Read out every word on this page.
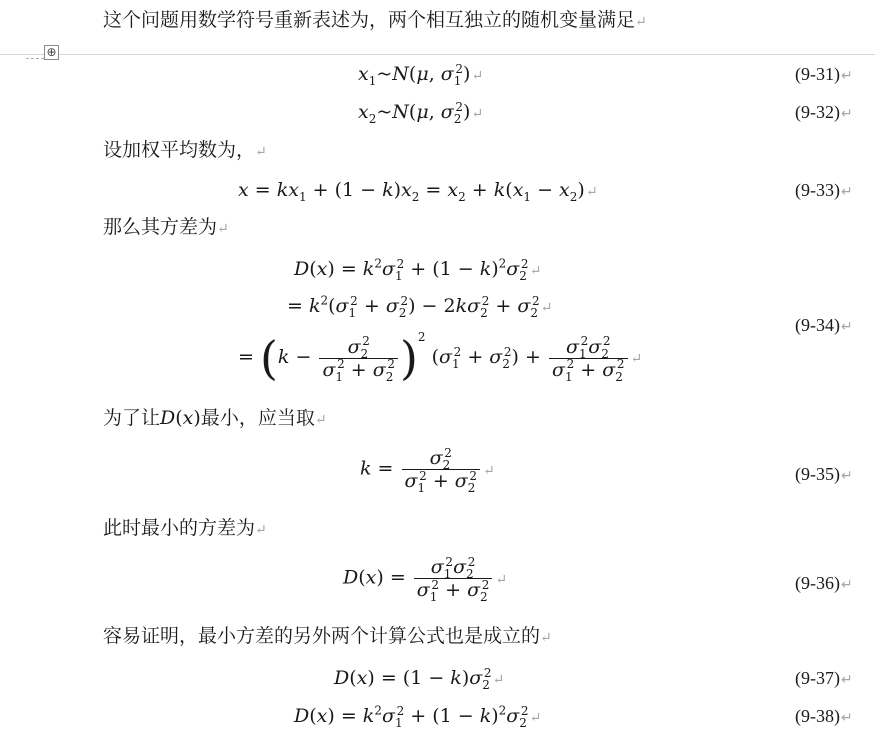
这个问题用数学符号重新表述为，两个相互独立的随机变量满足↵
⊕
$x_1\sim N(\mu$, $\sigma_1^2)↵$	(9-31)↵
$x_2\sim N(\mu$, $\sigma_2^2)↵$	(9-32)↵
设加权平均数为，↵
$x = kx_1 + (1 - k)x_2 = x_2 + k(x_1$ − $x_2)↵$	(9-33)↵
那么其方差为↵
$D(x) = k^2\sigma_1^2 + (1$ − $k)^2\sigma_2^2↵$
= $k^2(\sigma_1^2 + \sigma_2^2) - 2k\sigma_2^2$ + $\sigma_2^2↵$
= $(k - \frac{\sigma_2^2}{\sigma_1^2 + \sigma_2^2} )^2$ $(\sigma_1^2 + \sigma_2^2) + \frac{\sigma_1^2\sigma_2^2}{\sigma_1^2 + \sigma_2^2}$ ↵
(9-34)↵
为了让D(x)最小，应当取↵
$k = \frac{\sigma_2^2}{\sigma_1^2 + \sigma_2^2}$ ↵	(9-35)↵
此时最小的方差为↵
$D(x) = \frac{\sigma_1^2\sigma_2^2}{\sigma_1^2 + \sigma_2^2}$ ↵	(9-36)↵
容易证明，最小方差的另外两个计算公式也是成立的↵
$D(x) = (1 - k)\sigma_2^2↵$	(9-37)↵
$D(x) = k^2\sigma_1^2 + (1$ − $k)^2\sigma_2^2↵$	(9-38)↵
